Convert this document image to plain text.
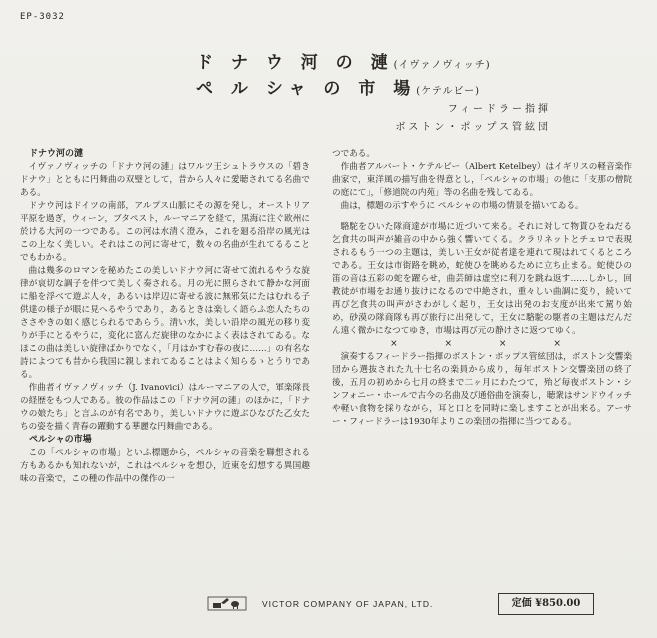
EP-3032
ド ナ ウ 河 の 漣(イヴァノヴィッチ)
ペ ル シャ の 市 場(ケテルビー)
フィードラー指揮
ボストン・ポップス管絃団

ドナウ河の漣

イヴァノヴィッチの「ドナウ河の漣」はワルツ王シュトラウスの「碧きドナウ」とともに円舞曲の双璧として，昔から人々に愛聴されてる名曲である。

ドナウ河はドイツの南部，アルプス山脈にその源を発し，オーストリア平原を過ぎ，ウィーン，ブタペスト，ルーマニアを経て，黒海に注ぐ欧州に於ける大河の一つである。この河は水清く澄み，これを廻る沿岸の風光はこの上なく美しい。それはこの河に寄せて，数々の名曲が生れてるることでもわかる。

曲は幾多のロマンを秘めたこの美しいドナウ河に寄せて流れるやうな旋律が哀切な調子を伴つて美しく奏される。月の光に照らされて静かな河面に船を浮べて遊ぶ人々，あるいは岸辺に寄せる波に無邪気にたはむれる子供達の様子が眼に見へるやうであり，あるときは楽しく語らふ恋人たちのささやきの如く感じられるであらう。清い水，美しい沿岸の風光の移り変りが手にとるやうに，変化に富んだ旋律のなかによく表はされてゐる。なほこの曲は美しい旋律ばかりでなく，「月はかすむ春の夜に……」の有名な詩によつても昔から我国に親しまれてゐることはよく知らるゝとうりである。

作曲者イヴァノヴィッチ（J. Ivanovici）はルーマニアの人で，軍楽隊長の経歴をもつ人である。彼の作品はこの「ドナウ河の漣」のほかに，「ドナウの娘たち」と言ふのが有名であり，美しいドナウに遊ぶひなびた乙女たちの姿を描く青春の躍動する華麗な円舞曲である。

ペルシャの市場

この「ペルシャの市場」といふ標題から，ペルシャの音楽を聯想される方もあるかも知れないが，これはペルシャを想ひ，近東を幻想する異国趣味の音楽で，この種の作品中の傑作の一

つである。

作曲者アルバート・ケテルビー（Albert Ketelbey）はイギリスの軽音楽作曲家で，東洋風の描写曲を得意とし，「ペルシャの市場」の他に「支那の僧院の庭にて」，「修道院の内苑」等の名曲を残してゐる。

曲は，標題の示すやうに ペルシャの市場の情景を描いてゐる。

駱駝をひいた隊商達が市場に近づいて来る。それに対して物貰ひをねだる乞食共の叫声が雑音の中から強く響いてくる。クラリネットとチェロで表現されるもう一つの主題は，美しい王女が従者達を連れて現はれてくるところである。王女は市街路を眺め，蛇使ひを眺めるために立ち止まる。蛇使ひの笛の音は五彩の蛇を躍らせ，曲芸師は虚空に利刀を跳ね返す……しかし，回教徒が市場をお通り抜けになるので中絶され，重々しい曲調に変り，続いて再び乞食共の叫声がさわがしく起り，王女は出発のお支度が出来て駕り始め，砂漠の隊商隊も再び旅行に出発して，王女に駱駝の駆者の主題はだんだん遠く微かになつてゆき，市場は再び元の静けさに返つてゆく。

× × × ×

演奏するフィードラー指揮のボストン・ポップス管絃団は，ボストン交響楽団から選抜された九十七名の楽員から成り，毎年ボストン交響楽団の終了後，五月の初めから七月の終まで二ヶ月にわたつて，殆ど毎夜ボストン・シンフォニー・ホールで古今の名曲及び通俗曲を演奏し，聴衆はサンドウイッチや軽い食物を採りながら，耳と口とを同時に楽しますことが出来る。アーサー・フィードラーは1930年よりこの楽団の指揮に当つてゐる。

VICTOR COMPANY OF JAPAN, LTD.	定価 ¥850.00
